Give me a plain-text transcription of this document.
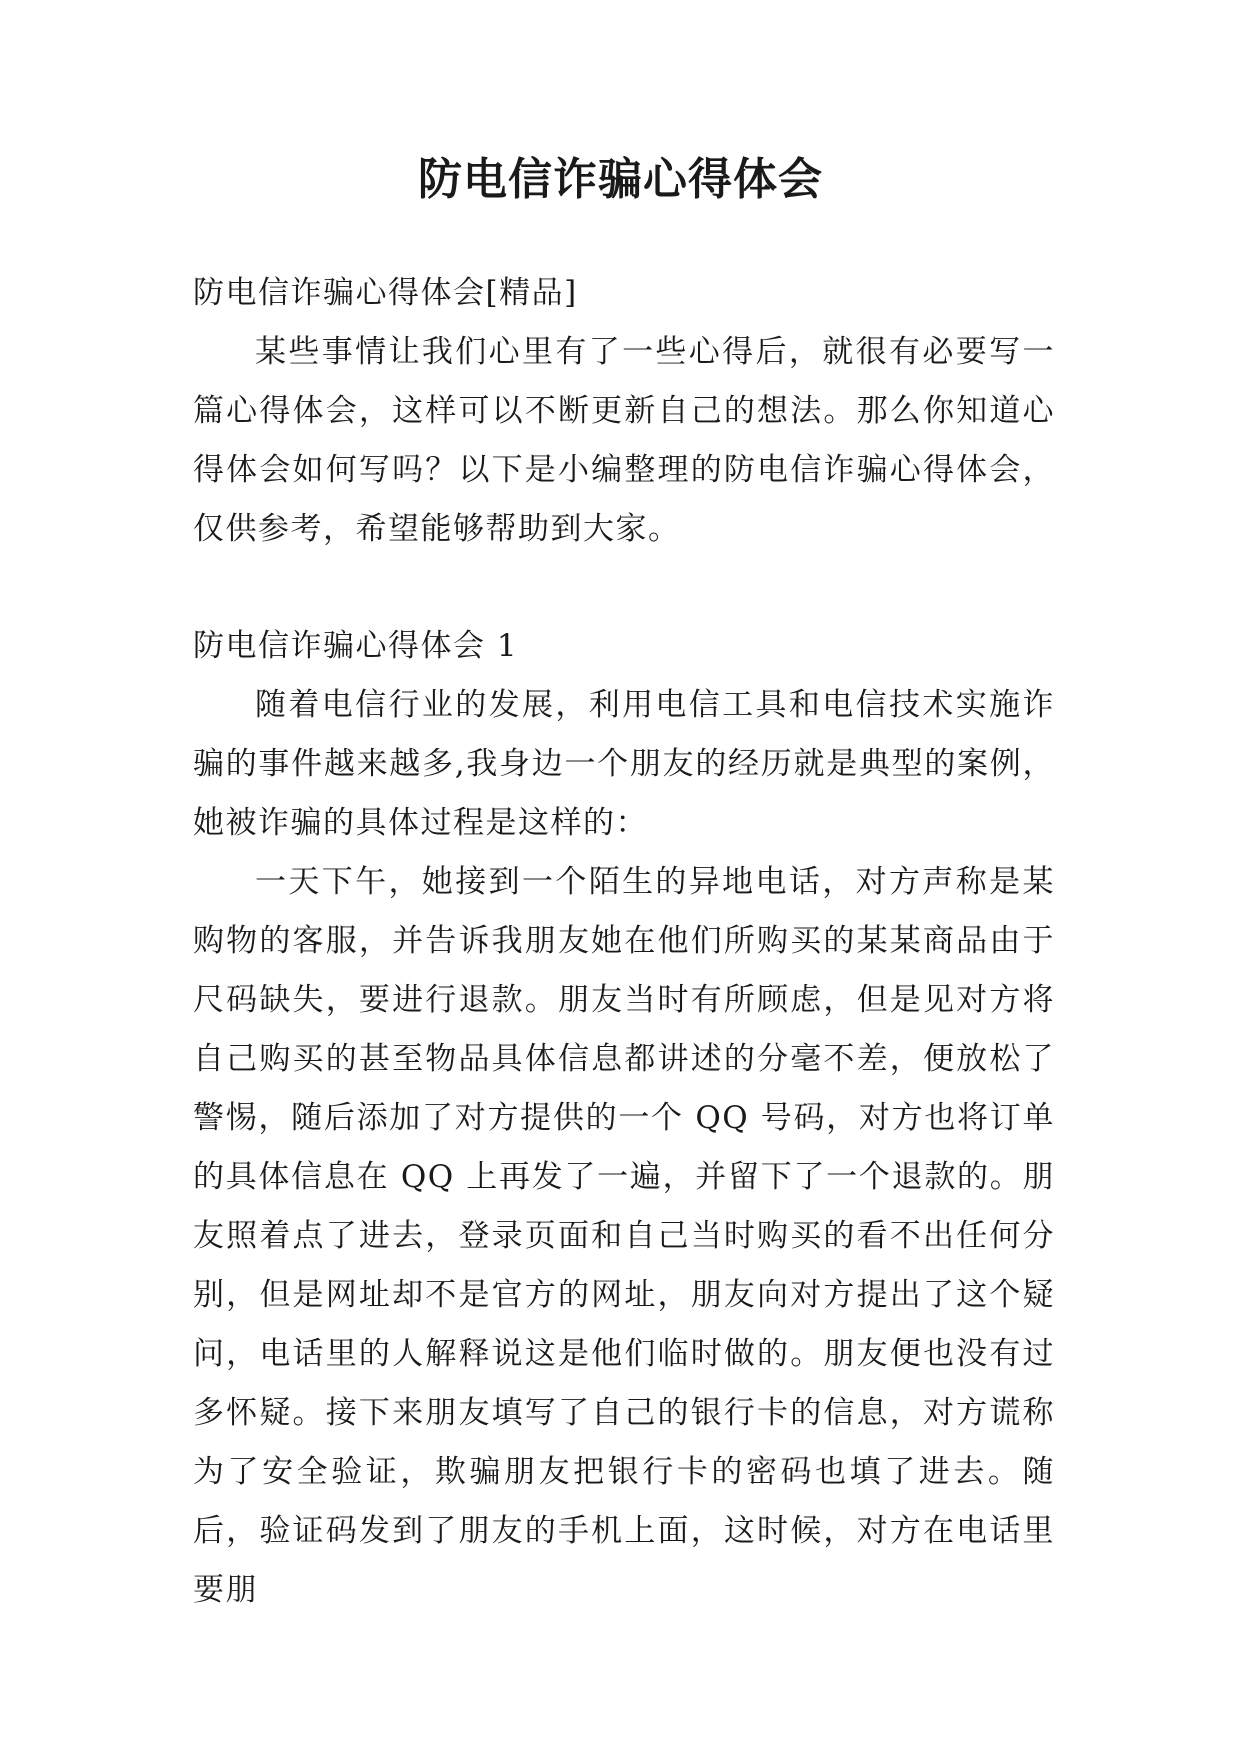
防电信诈骗心得体会

防电信诈骗心得体会[精品]

某些事情让我们心里有了一些心得后，就很有必要写一篇心得体会，这样可以不断更新自己的想法。那么你知道心得体会如何写吗？以下是小编整理的防电信诈骗心得体会，仅供参考，希望能够帮助到大家。

防电信诈骗心得体会 1

随着电信行业的发展，利用电信工具和电信技术实施诈骗的事件越来越多,我身边一个朋友的经历就是典型的案例，她被诈骗的具体过程是这样的：

一天下午，她接到一个陌生的异地电话，对方声称是某购物的客服，并告诉我朋友她在他们所购买的某某商品由于尺码缺失，要进行退款。朋友当时有所顾虑，但是见对方将自己购买的甚至物品具体信息都讲述的分毫不差，便放松了警惕，随后添加了对方提供的一个 QQ 号码，对方也将订单的具体信息在 QQ 上再发了一遍，并留下了一个退款的。朋友照着点了进去，登录页面和自己当时购买的看不出任何分别，但是网址却不是官方的网址，朋友向对方提出了这个疑问，电话里的人解释说这是他们临时做的。朋友便也没有过多怀疑。接下来朋友填写了自己的银行卡的信息，对方谎称为了安全验证，欺骗朋友把银行卡的密码也填了进去。随后，验证码发到了朋友的手机上面，这时候，对方在电话里要朋
